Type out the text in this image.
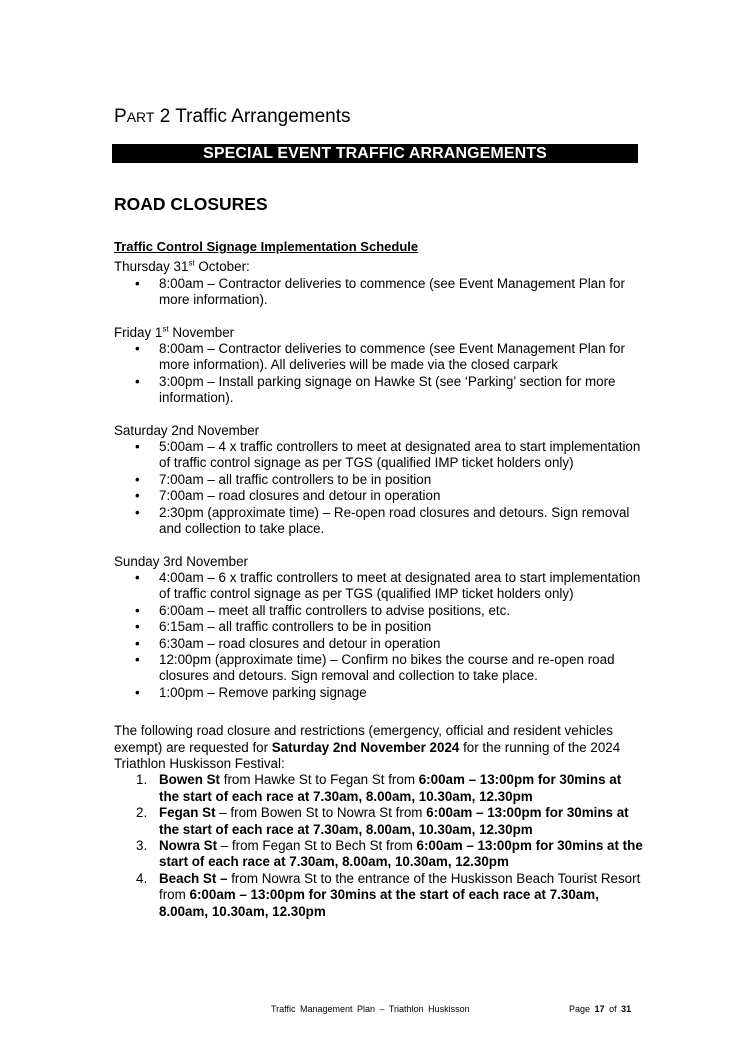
PART 2 Traffic Arrangements
SPECIAL EVENT TRAFFIC ARRANGEMENTS
ROAD CLOSURES
Traffic Control Signage Implementation Schedule

Thursday 31st October:

• 8:00am – Contractor deliveries to commence (see Event Management Plan for more information).

Friday 1st November

• 8:00am – Contractor deliveries to commence (see Event Management Plan for more information). All deliveries will be made via the closed carpark
• 3:00pm – Install parking signage on Hawke St (see ‘Parking’ section for more information).

Saturday 2nd November

• 5:00am – 4 x traffic controllers to meet at designated area to start implementation of traffic control signage as per TGS (qualified IMP ticket holders only)
• 7:00am – all traffic controllers to be in position
• 7:00am – road closures and detour in operation
• 2:30pm (approximate time) – Re-open road closures and detours. Sign removal and collection to take place.

Sunday 3rd November

• 4:00am – 6 x traffic controllers to meet at designated area to start implementation of traffic control signage as per TGS (qualified IMP ticket holders only)
• 6:00am – meet all traffic controllers to advise positions, etc.
• 6:15am – all traffic controllers to be in position
• 6:30am – road closures and detour in operation
• 12:00pm (approximate time) – Confirm no bikes the course and re-open road closures and detours. Sign removal and collection to take place.
• 1:00pm – Remove parking signage

The following road closure and restrictions (emergency, official and resident vehicles exempt) are requested for Saturday 2nd November 2024 for the running of the 2024 Triathlon Huskisson Festival:

1. Bowen St from Hawke St to Fegan St from 6:00am – 13:00pm for 30mins at the start of each race at 7.30am, 8.00am, 10.30am, 12.30pm
2. Fegan St – from Bowen St to Nowra St from 6:00am – 13:00pm for 30mins at the start of each race at 7.30am, 8.00am, 10.30am, 12.30pm
3. Nowra St – from Fegan St to Bech St from 6:00am – 13:00pm for 30mins at the start of each race at 7.30am, 8.00am, 10.30am, 12.30pm
4. Beach St – from Nowra St to the entrance of the Huskisson Beach Tourist Resort from 6:00am – 13:00pm for 30mins at the start of each race at 7.30am, 8.00am, 10.30am, 12.30pm
Traffic Management Plan – Triathlon Huskisson	Page 17 of 31
